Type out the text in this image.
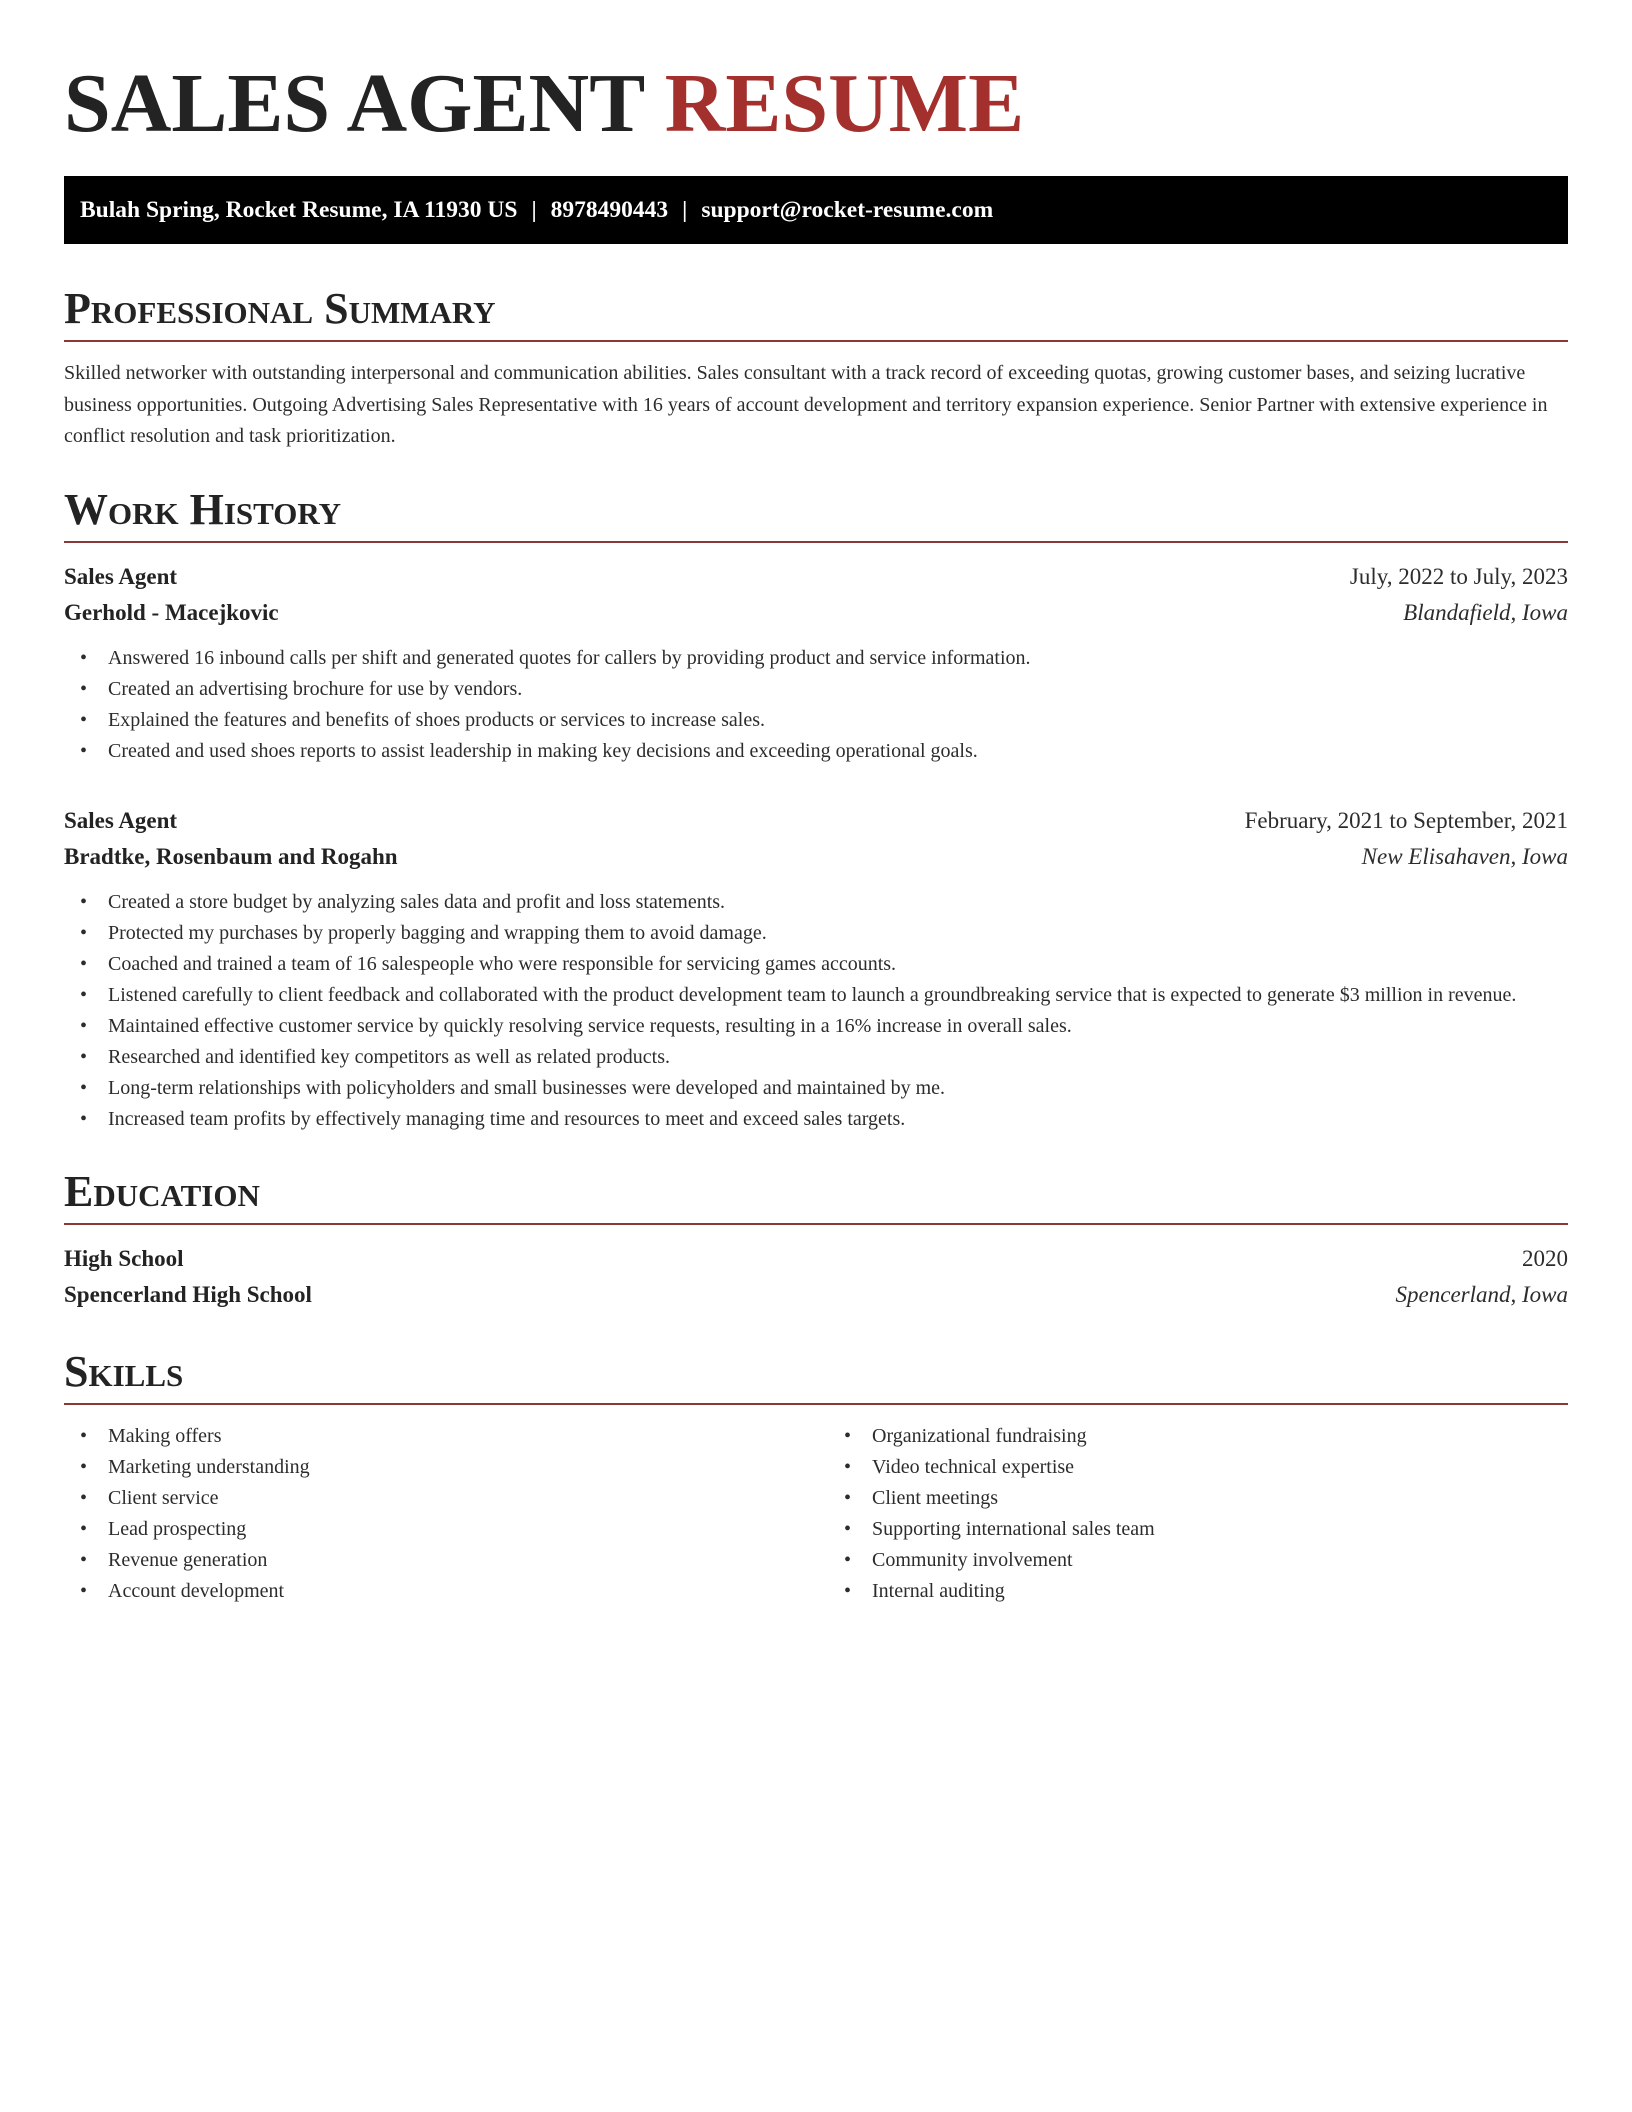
SALES AGENT RESUME
Bulah Spring, Rocket Resume, IA 11930 US | 8978490443 | support@rocket-resume.com
Professional Summary

Skilled networker with outstanding interpersonal and communication abilities. Sales consultant with a track record of exceeding quotas, growing customer bases, and seizing lucrative business opportunities. Outgoing Advertising Sales Representative with 16 years of account development and territory expansion experience. Senior Partner with extensive experience in conflict resolution and task prioritization.

Work History
Sales Agent	July, 2022 to July, 2023
Gerhold - Macejkovic	Blandafield, Iowa
• Answered 16 inbound calls per shift and generated quotes for callers by providing product and service information.
• Created an advertising brochure for use by vendors.
• Explained the features and benefits of shoes products or services to increase sales.
• Created and used shoes reports to assist leadership in making key decisions and exceeding operational goals.
Sales Agent	February, 2021 to September, 2021
Bradtke, Rosenbaum and Rogahn	New Elisahaven, Iowa
• Created a store budget by analyzing sales data and profit and loss statements.
• Protected my purchases by properly bagging and wrapping them to avoid damage.
• Coached and trained a team of 16 salespeople who were responsible for servicing games accounts.
• Listened carefully to client feedback and collaborated with the product development team to launch a groundbreaking service that is expected to generate $3 million in revenue.
• Maintained effective customer service by quickly resolving service requests, resulting in a 16% increase in overall sales.
• Researched and identified key competitors as well as related products.
• Long-term relationships with policyholders and small businesses were developed and maintained by me.
• Increased team profits by effectively managing time and resources to meet and exceed sales targets.
Education
High School	2020
Spencerland High School	Spencerland, Iowa
Skills
• Making offers
• Marketing understanding
• Client service
• Lead prospecting
• Revenue generation
• Account development
• Organizational fundraising
• Video technical expertise
• Client meetings
• Supporting international sales team
• Community involvement
• Internal auditing
